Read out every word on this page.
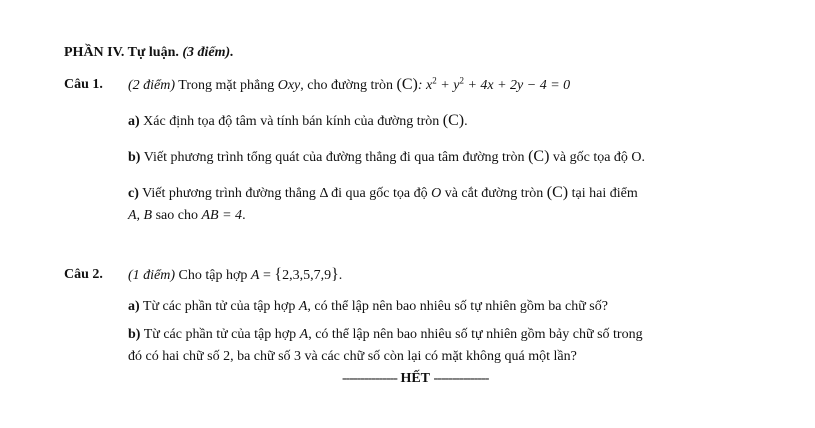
PHẦN IV. Tự luận. (3 điểm).
Câu 1. (2 điểm) Trong mặt phẳng Oxy, cho đường tròn (C): $x^2 + y^2 + 4x + 2y - 4 = 0$
a) Xác định tọa độ tâm và tính bán kính của đường tròn (C).
b) Viết phương trình tổng quát của đường thẳng đi qua tâm đường tròn (C) và gốc tọa độ O.
c) Viết phương trình đường thẳng Δ đi qua gốc tọa độ O và cắt đường tròn (C) tại hai điểm
A, B sao cho AB = 4.
Câu 2. (1 điểm) Cho tập hợp A = {2,3,5,7,9}.
a) Từ các phần tử của tập hợp A, có thể lập nên bao nhiêu số tự nhiên gồm ba chữ số?
b) Từ các phần tử của tập hợp A, có thể lập nên bao nhiêu số tự nhiên gồm bảy chữ số trong
đó có hai chữ số 2, ba chữ số 3 và các chữ số còn lại có mặt không quá một lần?
--------------- HẾT ---------------
